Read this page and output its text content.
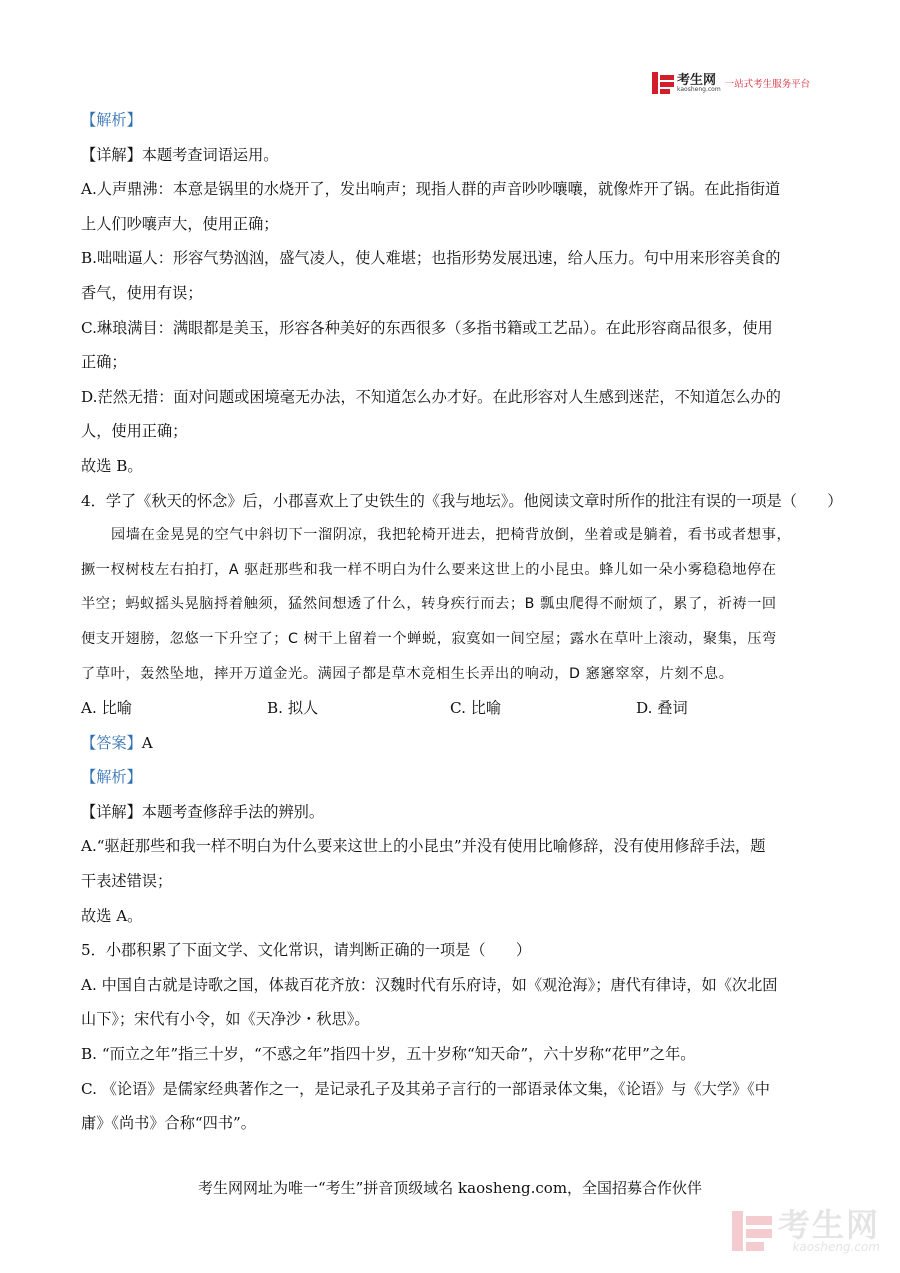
考生网
kaosheng.com 一站式考生服务平台
【解析】
【详解】本题考查词语运用。
A.人声鼎沸：本意是锅里的水烧开了，发出响声；现指人群的声音吵吵嚷嚷，就像炸开了锅。在此指街道
上人们吵嚷声大，使用正确；
B.咄咄逼人：形容气势汹汹，盛气凌人，使人难堪；也指形势发展迅速，给人压力。句中用来形容美食的
香气，使用有误；
C.琳琅满目：满眼都是美玉，形容各种美好的东西很多（多指书籍或工艺品）。在此形容商品很多，使用
正确；
D.茫然无措：面对问题或困境毫无办法，不知道怎么办才好。在此形容对人生感到迷茫，不知道怎么办的
人，使用正确；
故选 B。
4．学了《秋天的怀念》后，小郡喜欢上了史铁生的《我与地坛》。他阅读文章时所作的批注有误的一项是（　　）
园墙在金晃晃的空气中斜切下一溜阴凉，我把轮椅开进去，把椅背放倒，坐着或是躺着，看书或者想事，
撅一杈树枝左右拍打，A 驱赶那些和我一样不明白为什么要来这世上的小昆虫。蜂儿如一朵小雾稳稳地停在
半空；蚂蚁摇头晃脑捋着触须，猛然间想透了什么，转身疾行而去；B 瓢虫爬得不耐烦了，累了，祈祷一回
便支开翅膀，忽悠一下升空了；C 树干上留着一个蝉蜕，寂寞如一间空屋；露水在草叶上滚动，聚集，压弯
了草叶，轰然坠地，摔开万道金光。满园子都是草木竞相生长弄出的响动，D 窸窸窣窣，片刻不息。
A. 比喻	B. 拟人	C. 比喻	D. 叠词
【答案】A
【解析】
【详解】本题考查修辞手法的辨别。
A.“驱赶那些和我一样不明白为什么要来这世上的小昆虫”并没有使用比喻修辞，没有使用修辞手法，题
干表述错误；
故选 A。
5．小郡积累了下面文学、文化常识，请判断正确的一项是（　　）
A. 中国自古就是诗歌之国，体裁百花齐放：汉魏时代有乐府诗，如《观沧海》；唐代有律诗，如《次北固
山下》；宋代有小令，如《天净沙・秋思》。
B. “而立之年”指三十岁，“不惑之年”指四十岁，五十岁称“知天命”，六十岁称“花甲”之年。
C. 《论语》是儒家经典著作之一，是记录孔子及其弟子言行的一部语录体文集，《论语》与《大学》《中
庸》《尚书》合称“四书”。
考生网网址为唯一“考生”拼音顶级域名 kaosheng.com，全国招募合作伙伴
考生网
kaosheng.com
